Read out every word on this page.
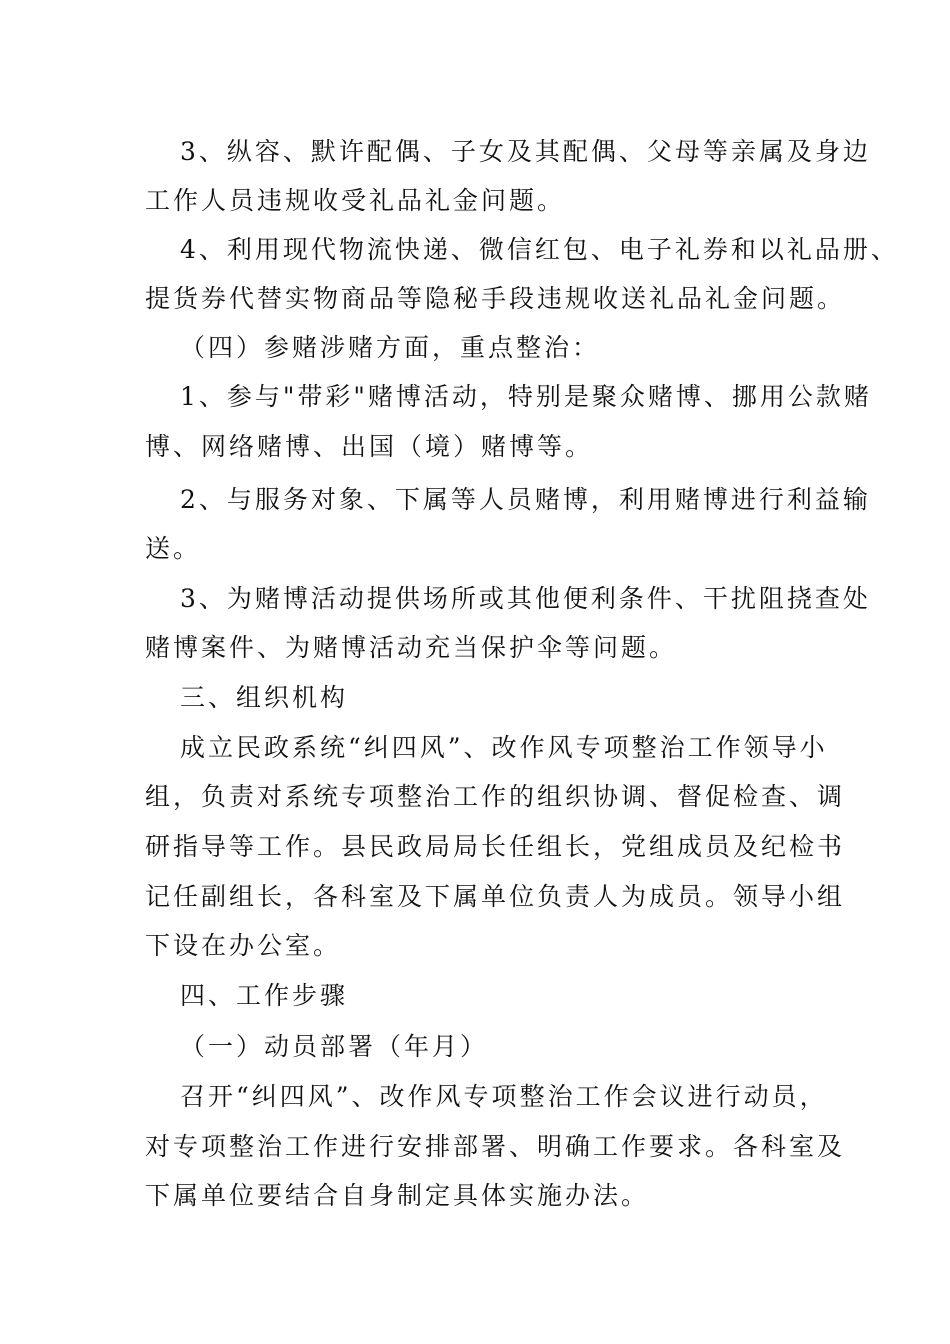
3、纵容、默许配偶、子女及其配偶、父母等亲属及身边
工作人员违规收受礼品礼金问题。
4、利用现代物流快递、微信红包、电子礼券和以礼品册、
提货券代替实物商品等隐秘手段违规收送礼品礼金问题。
（四）参赌涉赌方面，重点整治：
1、参与"带彩"赌博活动，特别是聚众赌博、挪用公款赌
博、网络赌博、出国（境）赌博等。
2、与服务对象、下属等人员赌博，利用赌博进行利益输
送。
3、为赌博活动提供场所或其他便利条件、干扰阻挠查处
赌博案件、为赌博活动充当保护伞等问题。
三、组织机构
成立民政系统“纠四风”、改作风专项整治工作领导小
组，负责对系统专项整治工作的组织协调、督促检查、调
研指导等工作。县民政局局长任组长，党组成员及纪检书
记任副组长，各科室及下属单位负责人为成员。领导小组
下设在办公室。
四、工作步骤
（一）动员部署（年月）
召开“纠四风”、改作风专项整治工作会议进行动员，
对专项整治工作进行安排部署、明确工作要求。各科室及
下属单位要结合自身制定具体实施办法。
